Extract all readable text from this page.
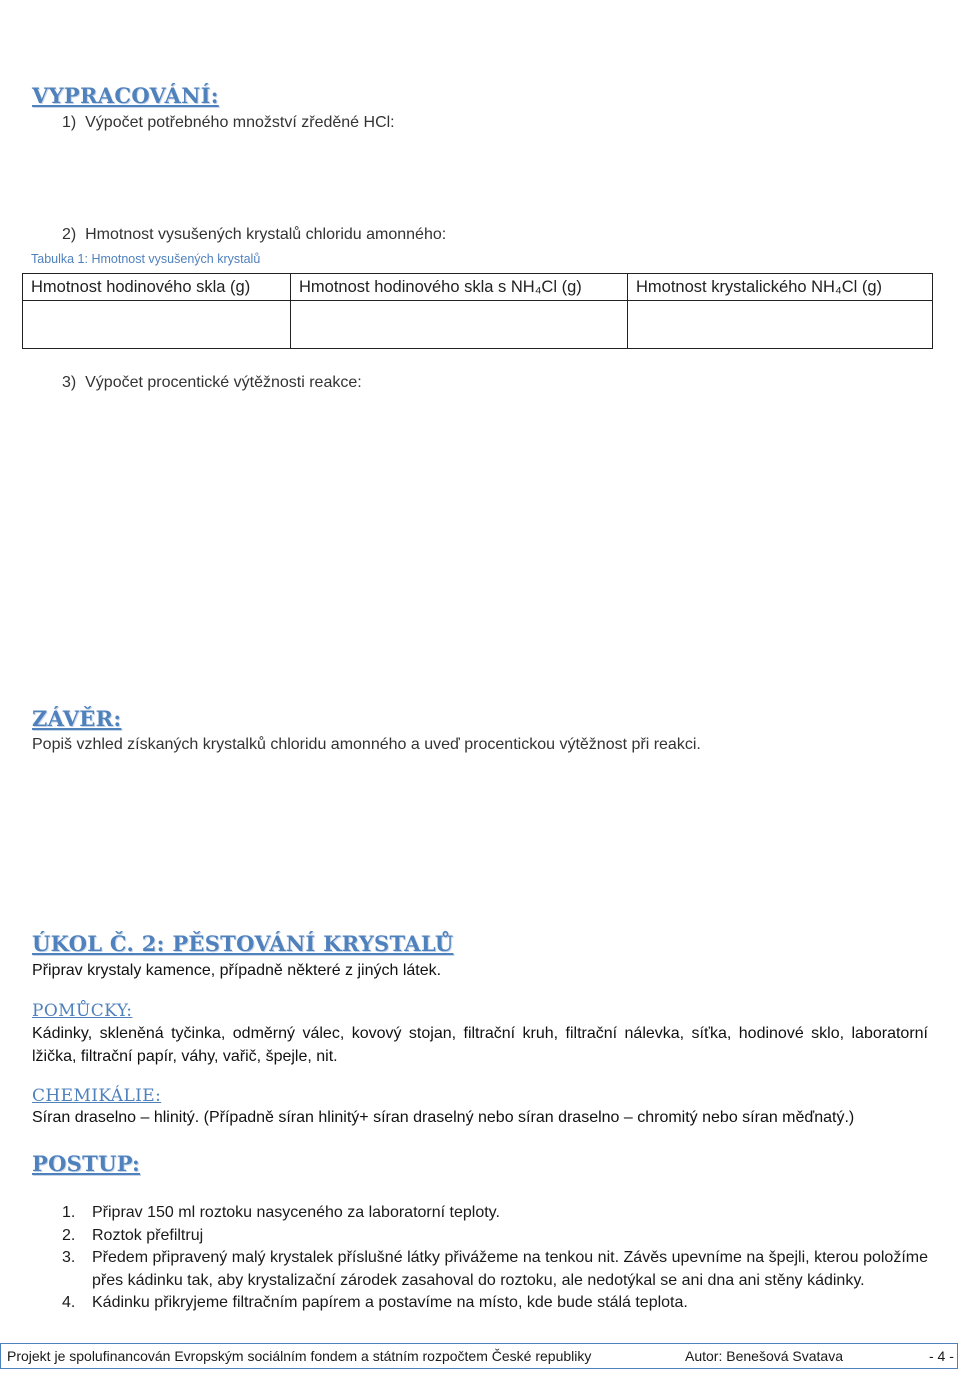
VYPRACOVÁNÍ:
1)  Výpočet potřebného množství zředěné HCl:
2)  Hmotnost vysušených krystalů chloridu amonného:
Tabulka 1: Hmotnost vysušených krystalů
Hmotnost hodinového skla (g)	Hmotnost hodinového skla s NH₄Cl (g)	Hmotnost krystalického NH₄Cl (g)

3)  Výpočet procentické výtěžnosti reakce:
ZÁVĚR:
Popiš vzhled získaných krystalků chloridu amonného a uveď procentickou výtěžnost při reakci.
ÚKOL Č. 2: PĚSTOVÁNÍ KRYSTALŮ
Připrav krystaly kamence, případně některé z jiných látek.
POMŮCKY:
Kádinky, skleněná tyčinka, odměrný válec, kovový stojan, filtrační kruh, filtrační nálevka, síťka, hodinové sklo, laboratorní lžička, filtrační papír, váhy, vařič, špejle, nit.
CHEMIKÁLIE:
Síran draselno – hlinitý. (Případně síran hlinitý+ síran draselný nebo síran draselno – chromitý nebo síran měďnatý.)
POSTUP:
1. Připrav 150 ml roztoku nasyceného za laboratorní teploty.
2. Roztok přefiltruj
3. Předem připravený malý krystalek příslušné látky přivážeme na tenkou nit. Závěs upevníme na špejli, kterou položíme přes kádinku tak, aby krystalizační zárodek zasahoval do roztoku, ale nedotýkal se ani dna ani stěny kádinky.
4. Kádinku přikryjeme filtračním papírem a postavíme na místo, kde bude stálá teplota.
Projekt je spolufinancován Evropským sociálním fondem a státním rozpočtem České republiky	Autor: Benešová Svatava	- 4 -
